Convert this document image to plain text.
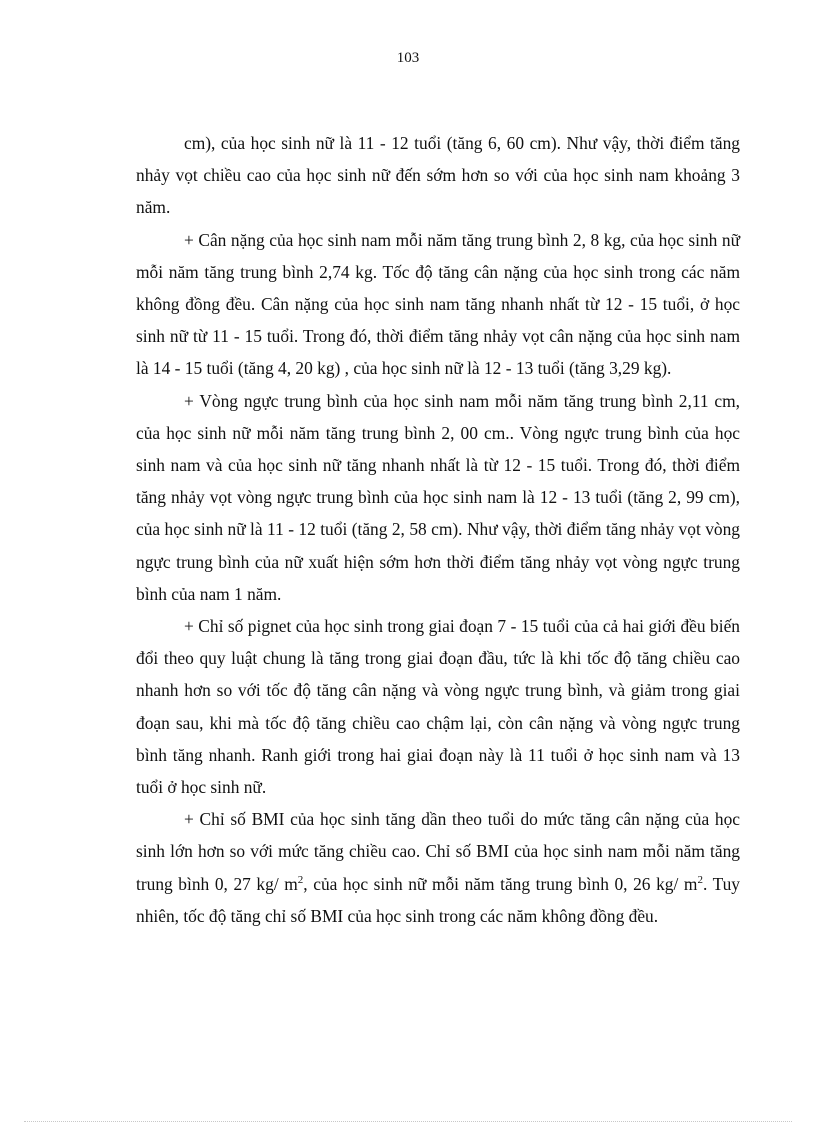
103

cm), của học sinh nữ là 11 - 12 tuổi (tăng 6, 60 cm). Như vậy, thời điểm tăng nhảy vọt chiều cao của học sinh nữ đến sớm hơn so với của học sinh nam khoảng 3 năm.

+ Cân nặng của học sinh nam mỗi năm tăng trung bình 2, 8 kg, của học sinh nữ mỗi năm tăng trung bình 2,74 kg. Tốc độ tăng cân nặng của học sinh trong các năm không đồng đều. Cân nặng của học sinh nam tăng nhanh nhất từ 12 - 15 tuổi, ở học sinh nữ từ 11 - 15 tuổi. Trong đó, thời điểm tăng nhảy vọt cân nặng của học sinh nam là 14 - 15 tuổi (tăng 4, 20 kg) , của học sinh nữ là 12 - 13 tuổi (tăng 3,29 kg).

+ Vòng ngực trung bình của học sinh nam mỗi năm tăng trung bình 2,11 cm, của học sinh nữ mỗi năm tăng trung bình 2, 00 cm.. Vòng ngực trung bình của học sinh nam và của học sinh nữ tăng nhanh nhất là từ 12 - 15 tuổi. Trong đó, thời điểm tăng nhảy vọt vòng ngực trung bình của học sinh nam là 12 - 13 tuổi (tăng 2, 99 cm), của học sinh nữ là 11 - 12 tuổi (tăng 2, 58 cm). Như vậy, thời điểm tăng nhảy vọt vòng ngực trung bình của nữ xuất hiện sớm hơn thời điểm tăng nhảy vọt vòng ngực trung bình của nam 1 năm.

+ Chỉ số pignet của học sinh trong giai đoạn 7 - 15 tuổi của cả hai giới đều biến đổi theo quy luật chung là tăng trong giai đoạn đầu, tức là khi tốc độ tăng chiều cao nhanh hơn so với tốc độ tăng cân nặng và vòng ngực trung bình, và giảm trong giai đoạn sau, khi mà tốc độ tăng chiều cao chậm lại, còn cân nặng và vòng ngực trung bình tăng nhanh. Ranh giới trong hai giai đoạn này là 11 tuổi ở học sinh nam và 13 tuổi ở học sinh nữ.

+ Chỉ số BMI của học sinh tăng dần theo tuổi do mức tăng cân nặng của học sinh lớn hơn so với mức tăng chiều cao. Chỉ số BMI của học sinh nam mỗi năm tăng trung bình 0, 27 kg/ $m^2$, của học sinh nữ mỗi năm tăng trung bình 0, 26 kg/ $m^2$. Tuy nhiên, tốc độ tăng chỉ số BMI của học sinh trong các năm không đồng đều.
